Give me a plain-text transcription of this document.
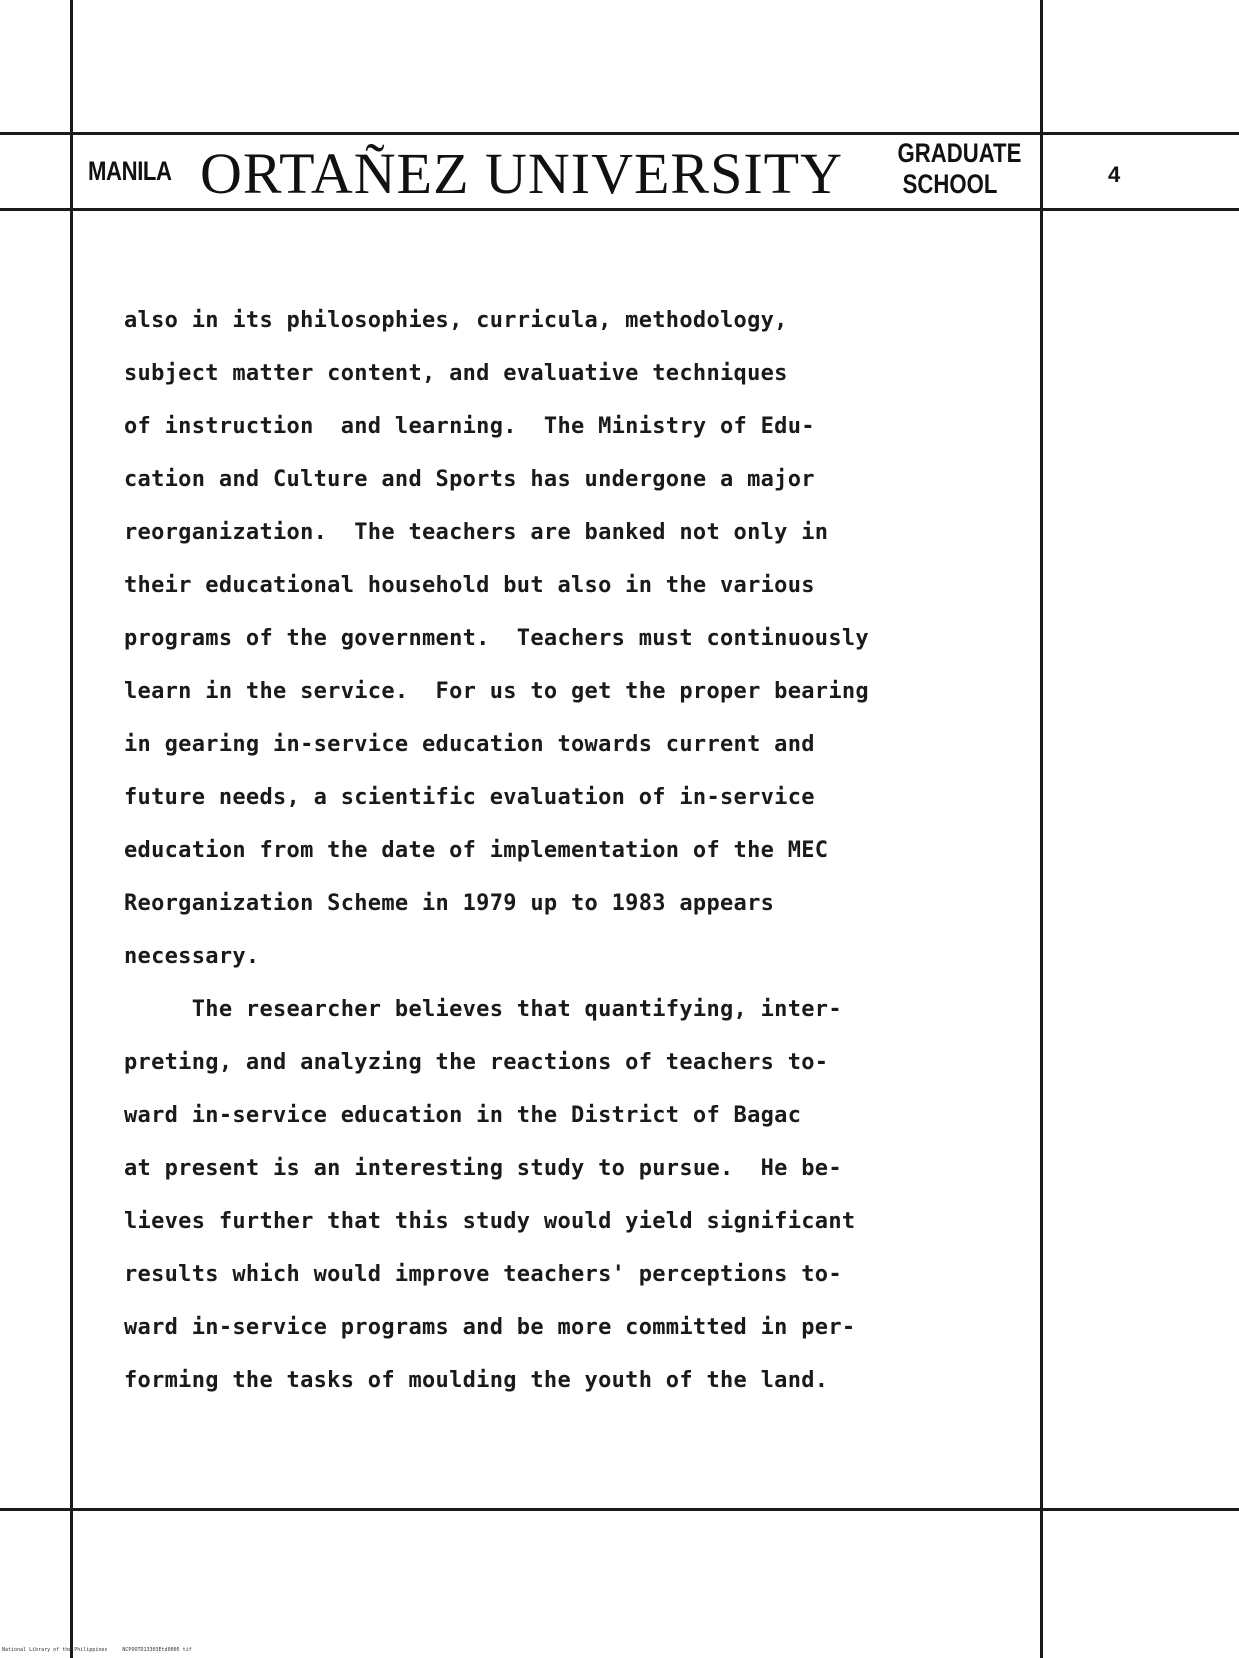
MANILA ORTAÑEZ UNIVERSITY GRADUATE
SCHOOL	4
also in its philosophies, curricula, methodology,
subject matter content, and evaluative techniques
of instruction  and learning.  The Ministry of Edu-
cation and Culture and Sports has undergone a major
reorganization.  The teachers are banked not only in
their educational household but also in the various
programs of the government.  Teachers must continuously
learn in the service.  For us to get the proper bearing
in gearing in-service education towards current and
future needs, a scientific evaluation of in-service
education from the date of implementation of the MEC
Reorganization Scheme in 1979 up to 1983 appears
necessary.
The researcher believes that quantifying, inter-
preting, and analyzing the reactions of teachers to-
ward in-service education in the District of Bagac
at present is an interesting study to pursue.  He be-
lieves further that this study would yield significant
results which would improve teachers' perceptions to-
ward in-service programs and be more committed in per-
forming the tasks of moulding the youth of the land.
National Library of the Philippines     NCPOOTD13303Etd0005 tif
